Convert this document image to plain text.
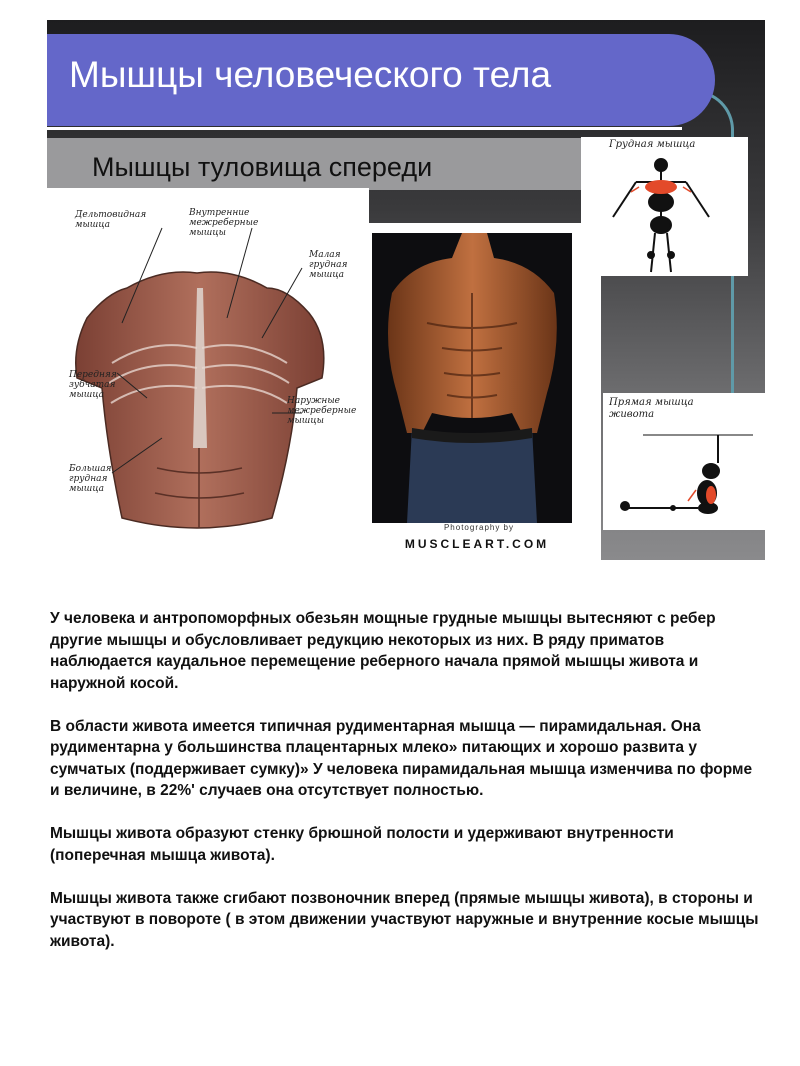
Мышцы человеческого тела
Мышцы туловища спереди
Дельтовидная мышца
Внутренние межреберные мышцы
Малая грудная мышца
Передняя зубчатая мышца
Наружные межреберные мышцы
Большая грудная мышца
Photography by
MUSCLEART.COM
Грудная мышца
Прямая мышца живота

У человека и антропоморфных обезьян мощные грудные мышцы вытесняют с ребер другие мышцы и обусловливает редукцию некоторых из них. В ряду приматов наблюдается каудальное перемещение реберного начала прямой мышцы живота и наружной косой.

В области живота имеется типичная рудиментарная мышца — пирамидальная. Она рудиментарна у большинства плацентарных млеко» питающих и хорошо развита у сумчатых (поддерживает сумку)» У человека пирамидальная мышца изменчива по форме и величине, в 22%' случаев она отсутствует полностью.

Мышцы живота образуют стенку брюшной полости и удерживают внутренности (поперечная мышца живота).

Мышцы живота также сгибают позвоночник вперед (прямые мышцы живота), в стороны и участвуют в повороте ( в этом движении участвуют наружные и внутренние косые мышцы живота).
